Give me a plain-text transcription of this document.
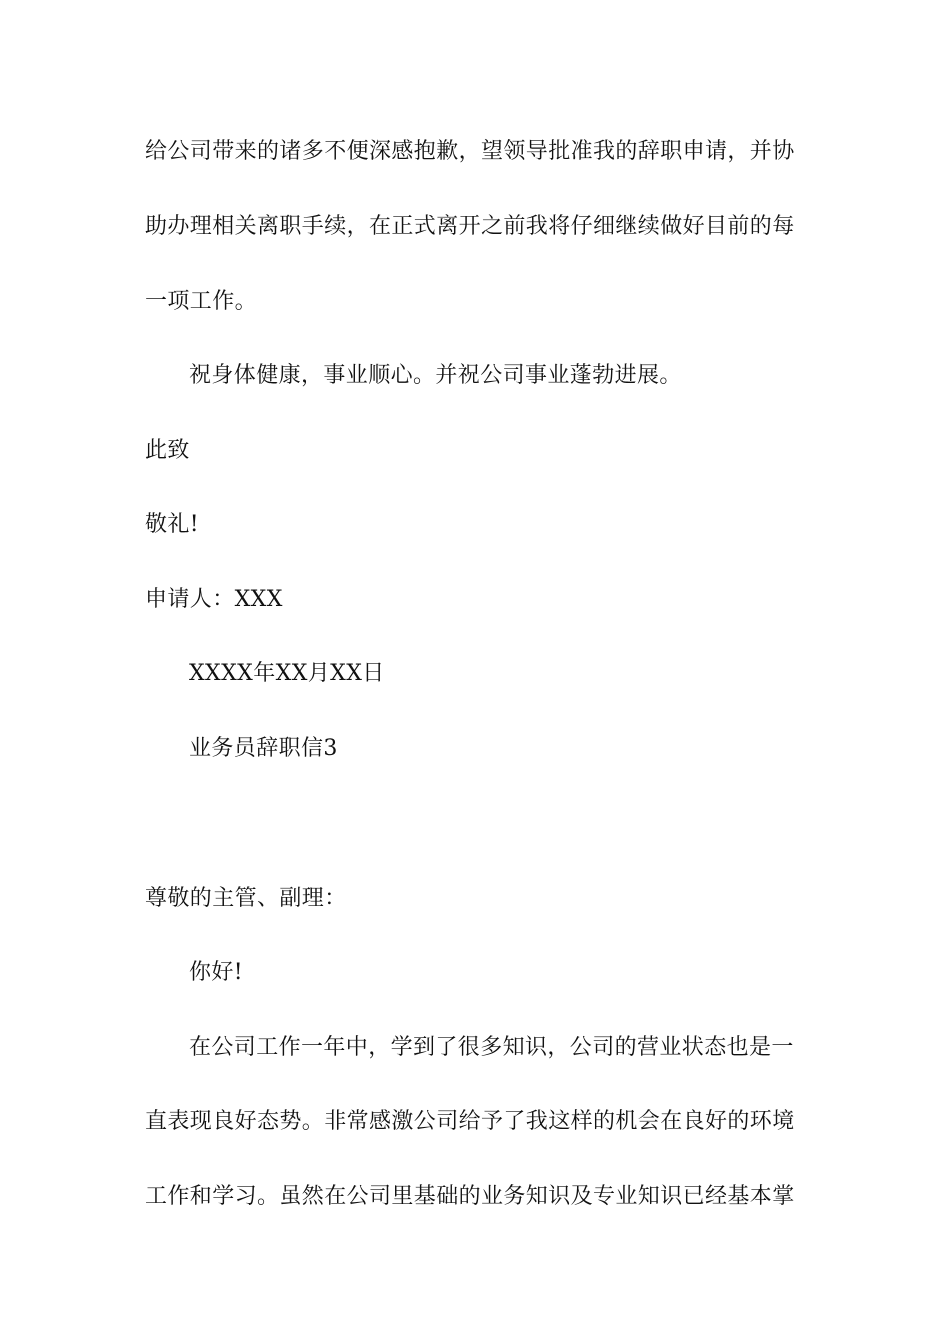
给公司带来的诸多不便深感抱歉，望领导批准我的辞职申请，并协
助办理相关离职手续，在正式离开之前我将仔细继续做好目前的每
一项工作。
祝身体健康，事业顺心。并祝公司事业蓬勃进展。
此致
敬礼!
申请人：XXX
XXXX年XX月XX日
业务员辞职信3
尊敬的主管、副理：
你好!
在公司工作一年中，学到了很多知识，公司的营业状态也是一
直表现良好态势。非常感激公司给予了我这样的机会在良好的环境
工作和学习。虽然在公司里基础的业务知识及专业知识已经基本掌
